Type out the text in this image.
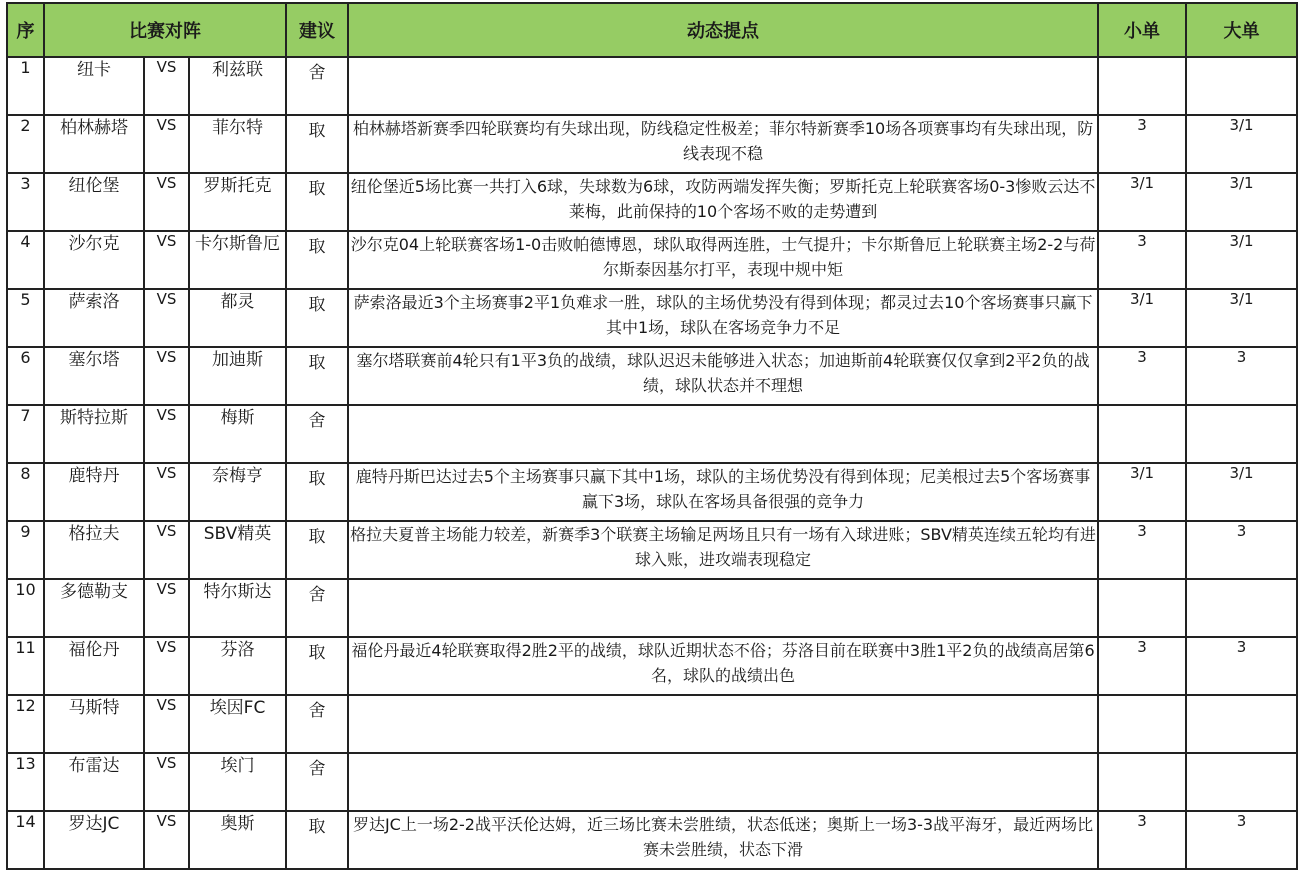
序	比赛对阵			建议	动态提点	小单	大单
1	纽卡	VS	利兹联	舍			
2	柏林赫塔	VS	菲尔特	取	柏林赫塔新赛季四轮联赛均有失球出现，防线稳定性极差；菲尔特新赛季10场各项赛事均有失球出现，防线表现不稳	3	3/1
3	纽伦堡	VS	罗斯托克	取	纽伦堡近5场比赛一共打入6球，失球数为6球，攻防两端发挥失衡；罗斯托克上轮联赛客场0-3惨败云达不莱梅，此前保持的10个客场不败的走势遭到	3/1	3/1
4	沙尔克	VS	卡尔斯鲁厄	取	沙尔克04上轮联赛客场1-0击败帕德博恩，球队取得两连胜，士气提升；卡尔斯鲁厄上轮联赛主场2-2与荷尔斯泰因基尔打平，表现中规中矩	3	3/1
5	萨索洛	VS	都灵	取	萨索洛最近3个主场赛事2平1负难求一胜，球队的主场优势没有得到体现；都灵过去10个客场赛事只赢下其中1场，球队在客场竞争力不足	3/1	3/1
6	塞尔塔	VS	加迪斯	取	塞尔塔联赛前4轮只有1平3负的战绩，球队迟迟未能够进入状态；加迪斯前4轮联赛仅仅拿到2平2负的战绩，球队状态并不理想	3	3
7	斯特拉斯	VS	梅斯	舍			
8	鹿特丹	VS	奈梅亨	取	鹿特丹斯巴达过去5个主场赛事只赢下其中1场，球队的主场优势没有得到体现；尼美根过去5个客场赛事赢下3场，球队在客场具备很强的竞争力	3/1	3/1
9	格拉夫	VS	SBV精英	取	格拉夫夏普主场能力较差，新赛季3个联赛主场输足两场且只有一场有入球进账；SBV精英连续五轮均有进球入账，进攻端表现稳定	3	3
10	多德勒支	VS	特尔斯达	舍			
11	福伦丹	VS	芬洛	取	福伦丹最近4轮联赛取得2胜2平的战绩，球队近期状态不俗；芬洛目前在联赛中3胜1平2负的战绩高居第6名，球队的战绩出色	3	3
12	马斯特	VS	埃因FC	舍			
13	布雷达	VS	埃门	舍			
14	罗达JC	VS	奥斯	取	罗达JC上一场2-2战平沃伦达姆，近三场比赛未尝胜绩，状态低迷；奥斯上一场3-3战平海牙，最近两场比赛未尝胜绩，状态下滑	3	3
